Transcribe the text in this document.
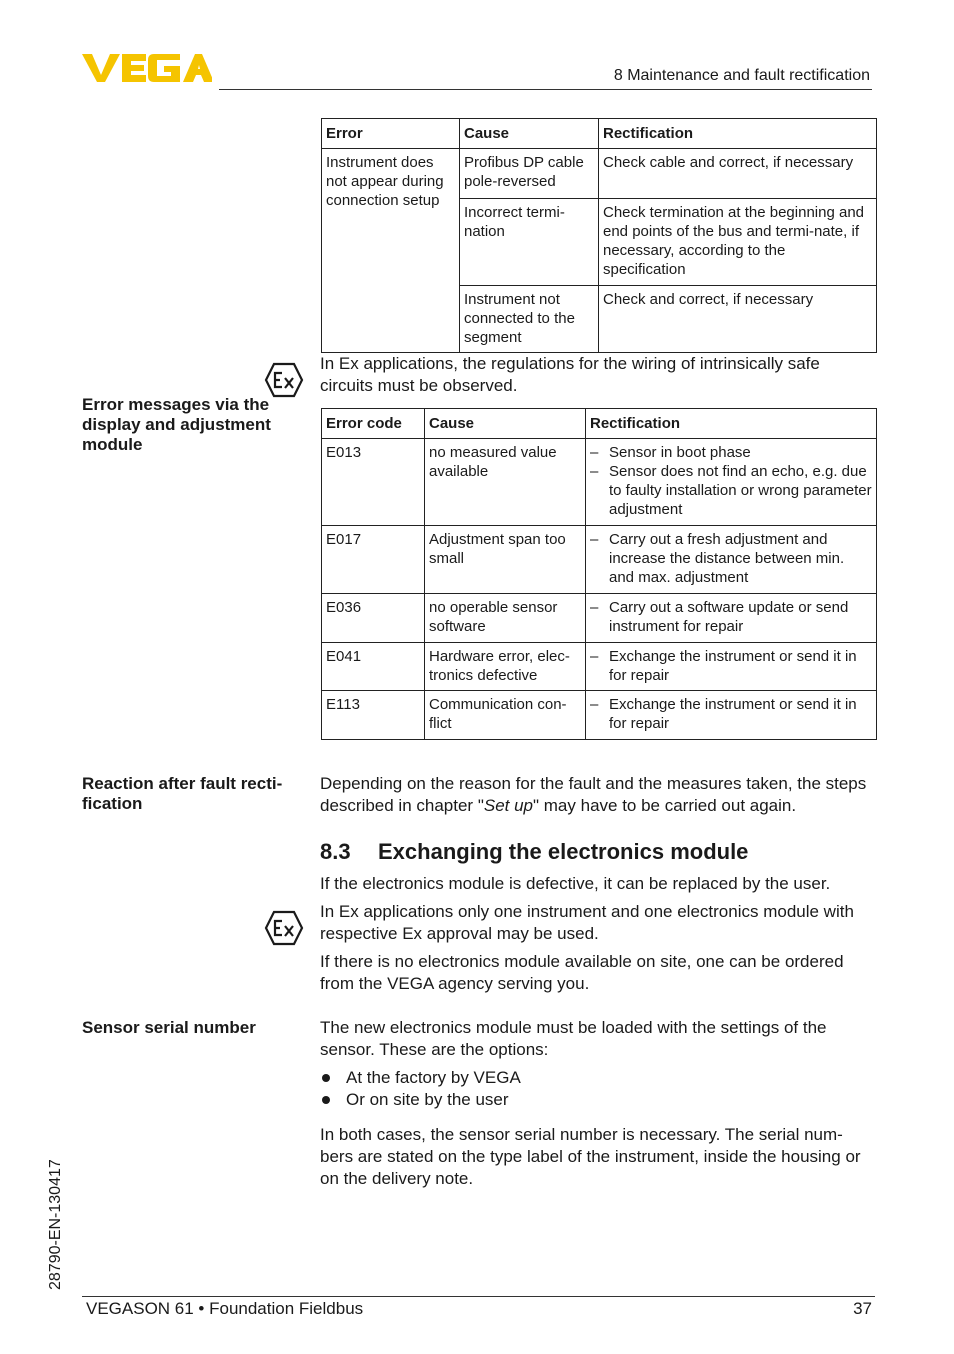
8 Maintenance and fault rectification
Error	Cause	Rectification
Instrument does not appear during connection setup	Profibus DP cable pole-reversed	Check cable and correct, if necessary
	Incorrect termi-nation	Check termination at the beginning and end points of the bus and termi-nate, if necessary, according to the specification
	Instrument not connected to the segment	Check and correct, if necessary
In Ex applications, the regulations for the wiring of intrinsically safe circuits must be observed.
Error messages via the display and adjustment module
Error code	Cause	Rectification
E013	no measured value available	– Sensor in boot phase
– Sensor does not find an echo, e.g. due to faulty installation or wrong parameter adjustment

E017	Adjustment span too small	– Carry out a fresh adjustment and increase the distance between min. and max. adjustment

E036	no operable sensor software	– Carry out a software update or send instrument for repair

E041	Hardware error, elec-tronics defective	– Exchange the instrument or send it in for repair

E113	Communication con-flict	– Exchange the instrument or send it in for repair
Reaction after fault recti-fication
Depending on the reason for the fault and the measures taken, the steps described in chapter "Set up" may have to be carried out again.
8.3 Exchanging the electronics module
If the electronics module is defective, it can be replaced by the user.
In Ex applications only one instrument and one electronics module with respective Ex approval may be used.
If there is no electronics module available on site, one can be ordered from the VEGA agency serving you.
Sensor serial number	The new electronics module must be loaded with the settings of the sensor. These are the options:
At the factory by VEGA
Or on site by the user
In both cases, the sensor serial number is necessary. The serial num-bers are stated on the type label of the instrument, inside the housing or on the delivery note.
28790-EN-130417
VEGASON 61 • Foundation Fieldbus	37
